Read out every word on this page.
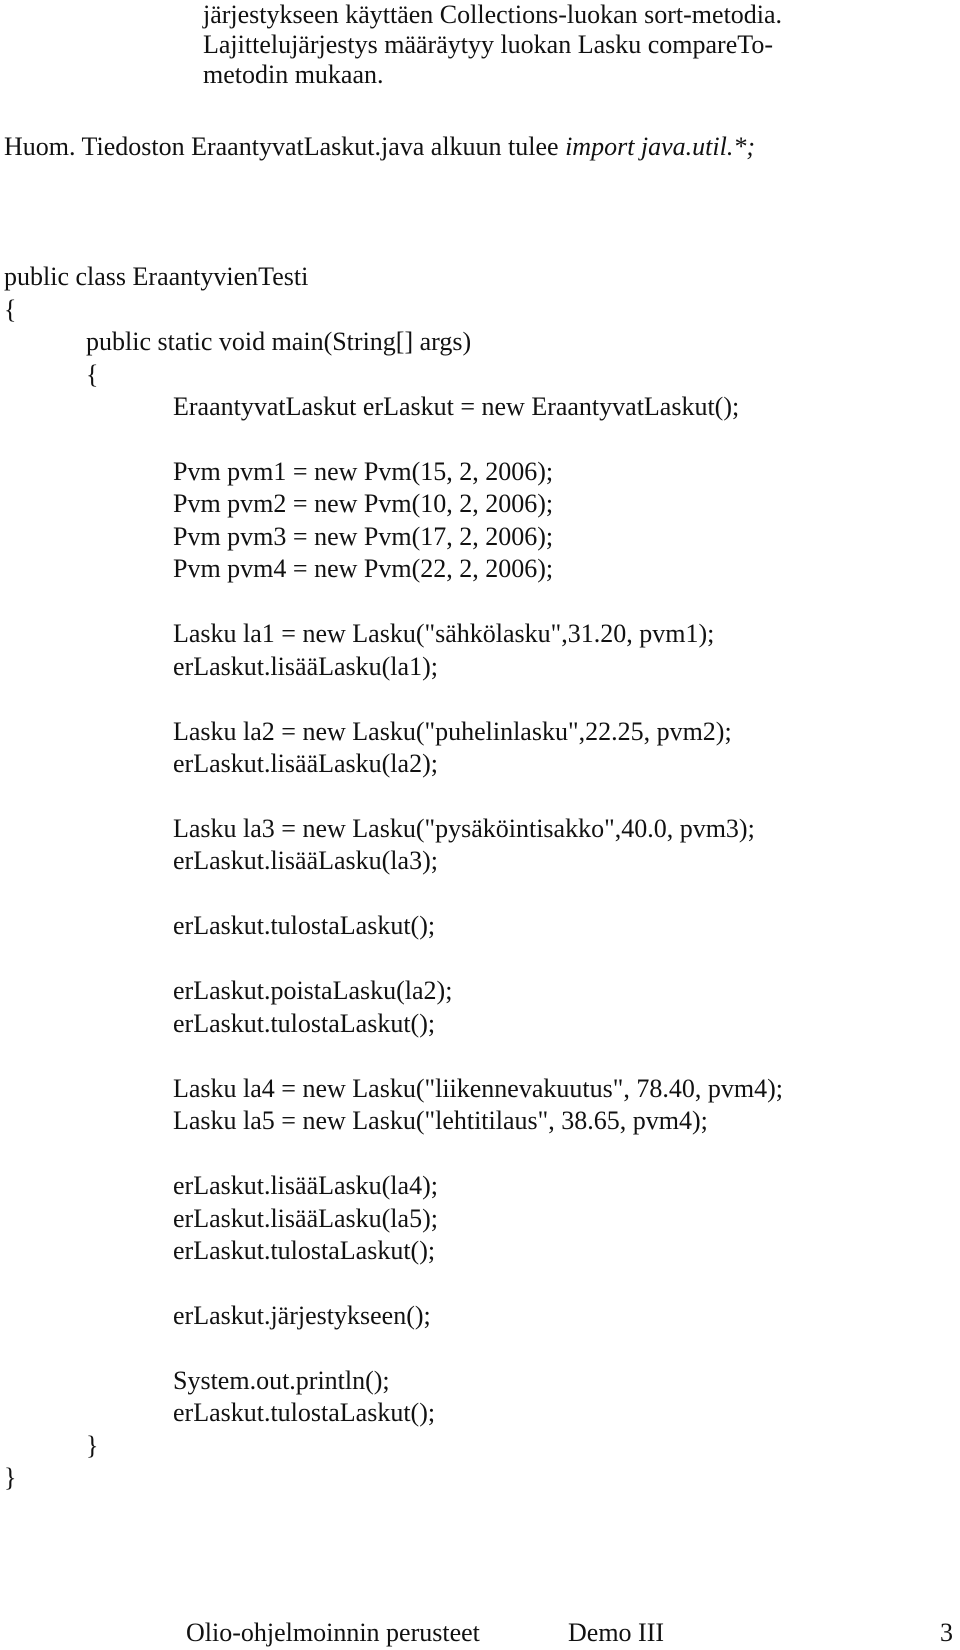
järjestykseen käyttäen Collections-luokan sort-metodia.

Lajittelujärjestys määräytyy luokan Lasku compareTo-

metodin mukaan.

Huom. Tiedoston EraantyvatLaskut.java alkuun tulee import java.util.*;

public class EraantyvienTesti

{

public static void main(String[] args)

{

EraantyvatLaskut erLaskut = new EraantyvatLaskut();

Pvm pvm1 = new Pvm(15, 2, 2006);

Pvm pvm2 = new Pvm(10, 2, 2006);

Pvm pvm3 = new Pvm(17, 2, 2006);

Pvm pvm4 = new Pvm(22, 2, 2006);

Lasku la1 = new Lasku("sähkölasku",31.20, pvm1);

erLaskut.lisääLasku(la1);

Lasku la2 = new Lasku("puhelinlasku",22.25, pvm2);

erLaskut.lisääLasku(la2);

Lasku la3 = new Lasku("pysäköintisakko",40.0, pvm3);

erLaskut.lisääLasku(la3);

erLaskut.tulostaLaskut();

erLaskut.poistaLasku(la2);

erLaskut.tulostaLaskut();

Lasku la4 = new Lasku("liikennevakuutus", 78.40, pvm4);

Lasku la5 = new Lasku("lehtitilaus", 38.65, pvm4);

erLaskut.lisääLasku(la4);

erLaskut.lisääLasku(la5);

erLaskut.tulostaLaskut();

erLaskut.järjestykseen();

System.out.println();

erLaskut.tulostaLaskut();

}

}

Olio-ohjelmoinnin perusteet	Demo III	3
